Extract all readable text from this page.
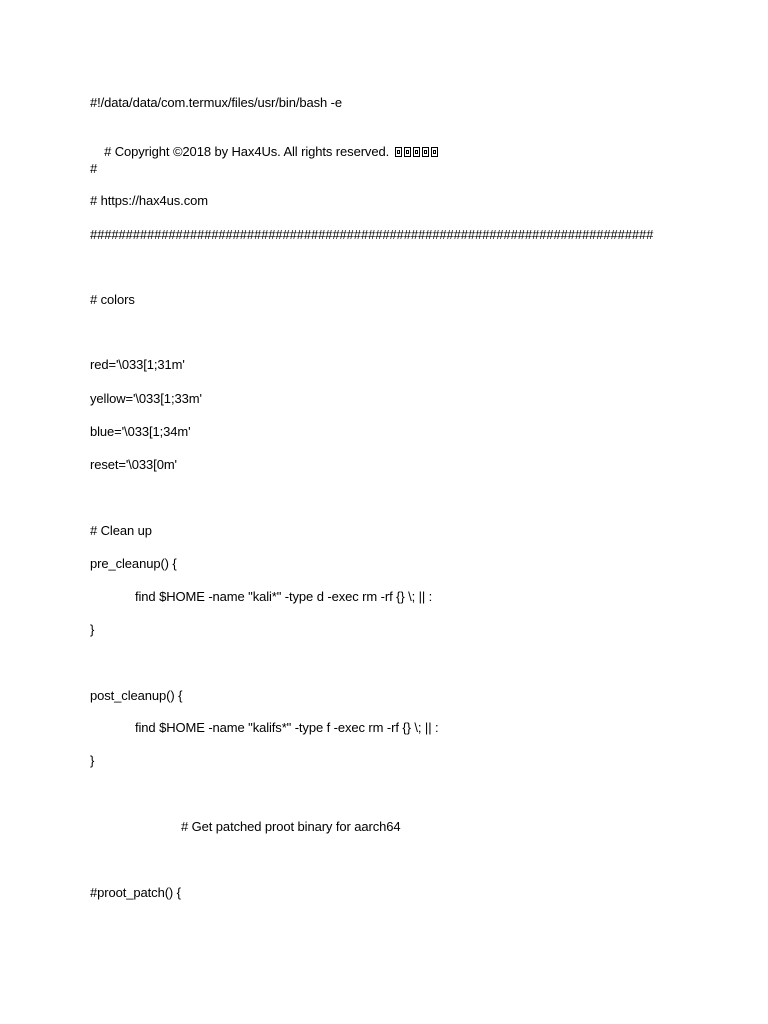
#!/data/data/com.termux/files/usr/bin/bash -e

# Copyright ©2018 by Hax4Us. All rights reserved.

#
# https://hax4us.com
###############################################################################
# colors
red='\033[1;31m'
yellow='\033[1;33m'
blue='\033[1;34m'
reset='\033[0m'
# Clean up
pre_cleanup() {
find $HOME -name "kali*" -type d -exec rm -rf {} \; || :
}
post_cleanup() {
find $HOME -name "kalifs*" -type f -exec rm -rf {} \; || :
}
# Get patched proot binary for aarch64
#proot_patch() {
